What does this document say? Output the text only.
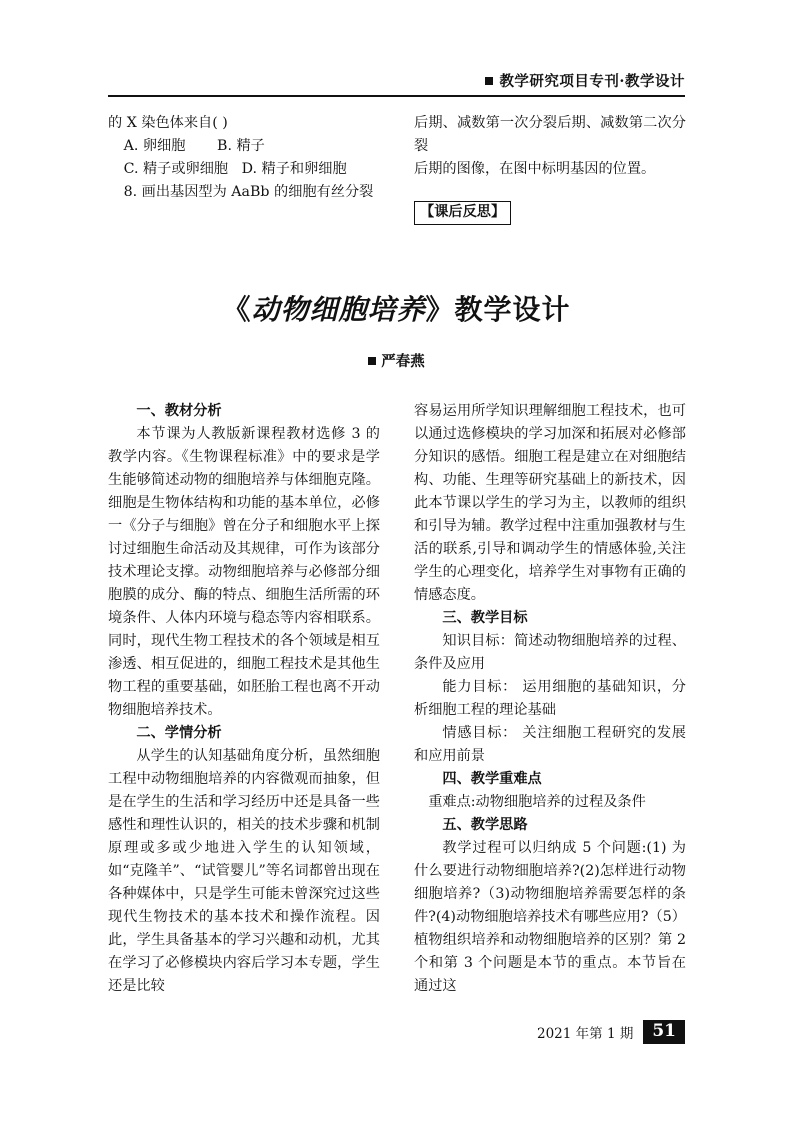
教学研究项目专刊·教学设计

的 X 染色体来自( )

A. 卵细胞 B. 精子

C. 精子或卵细胞 D. 精子和卵细胞

8. 画出基因型为 AaBb 的细胞有丝分裂

后期、减数第一次分裂后期、减数第二次分裂

后期的图像，在图中标明基因的位置。

【课后反思】
《动物细胞培养》教学设计
严春燕

一、教材分析

本节课为人教版新课程教材选修 3 的教学内容。《生物课程标准》中的要求是学生能够简述动物的细胞培养与体细胞克隆。细胞是生物体结构和功能的基本单位，必修一《分子与细胞》曾在分子和细胞水平上探讨过细胞生命活动及其规律，可作为该部分技术理论支撑。动物细胞培养与必修部分细胞膜的成分、酶的特点、细胞生活所需的环境条件、人体内环境与稳态等内容相联系。同时，现代生物工程技术的各个领域是相互渗透、相互促进的，细胞工程技术是其他生物工程的重要基础，如胚胎工程也离不开动物细胞培养技术。

二、学情分析

从学生的认知基础角度分析，虽然细胞工程中动物细胞培养的内容微观而抽象，但是在学生的生活和学习经历中还是具备一些感性和理性认识的，相关的技术步骤和机制原理或多或少地进入学生的认知领域，如“克隆羊”、“试管婴儿”等名词都曾出现在各种媒体中，只是学生可能未曾深究过这些现代生物技术的基本技术和操作流程。因此，学生具备基本的学习兴趣和动机，尤其在学习了必修模块内容后学习本专题，学生还是比较

容易运用所学知识理解细胞工程技术，也可以通过选修模块的学习加深和拓展对必修部分知识的感悟。细胞工程是建立在对细胞结构、功能、生理等研究基础上的新技术，因此本节课以学生的学习为主，以教师的组织和引导为辅。教学过程中注重加强教材与生活的联系,引导和调动学生的情感体验,关注学生的心理变化，培养学生对事物有正确的情感态度。

三、教学目标

知识目标：简述动物细胞培养的过程、条件及应用

能力目标： 运用细胞的基础知识，分析细胞工程的理论基础

情感目标： 关注细胞工程研究的发展和应用前景

四、教学重难点

重难点:动物细胞培养的过程及条件

五、教学思路

教学过程可以归纳成 5 个问题:(1) 为什么要进行动物细胞培养?(2)怎样进行动物细胞培养?（3)动物细胞培养需要怎样的条件?(4)动物细胞培养技术有哪些应用?（5）植物组织培养和动物细胞培养的区别？第 2 个和第 3 个问题是本节的重点。本节旨在通过这

2021 年第 1 期	51
